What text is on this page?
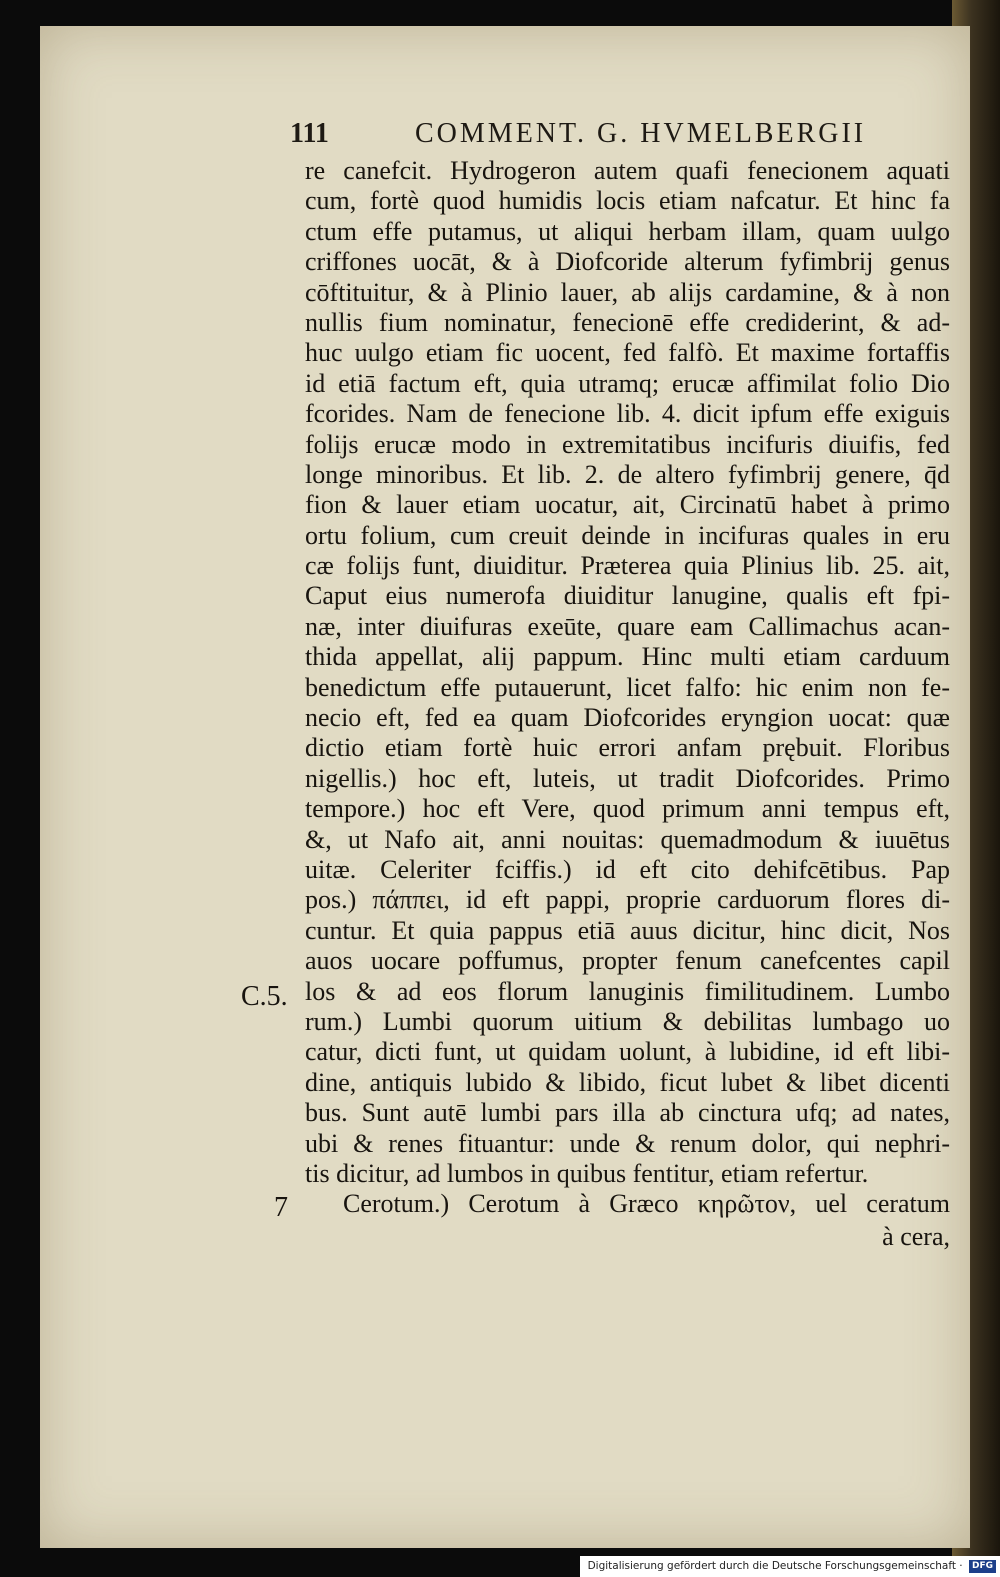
111	COMMENT. G. HVMELBERGII
re canefcit. Hydrogeron autem quafi fenecionem aquati
cum, fortè quod humidis locis etiam nafcatur. Et hinc fa
ctum effe putamus, ut aliqui herbam illam, quam uulgo
criffones uocāt, & à Diofcoride alterum fyfimbrij genus
cōftituitur, & à Plinio lauer, ab alijs cardamine, & à non
nullis fium nominatur, fenecionē effe crediderint, & ad-
huc uulgo etiam fic uocent, fed falfò. Et maxime fortaffis
id etiā factum eft, quia utramq; erucæ affimilat folio Dio
fcorides. Nam de fenecione lib. 4. dicit ipfum effe exiguis
folijs erucæ modo in extremitatibus incifuris diuifis, fed
longe minoribus. Et lib. 2. de altero fyfimbrij genere, q̄d
fion & lauer etiam uocatur, ait, Circinatū habet à primo
ortu folium, cum creuit deinde in incifuras quales in eru
cæ folijs funt, diuiditur. Præterea quia Plinius lib. 25. ait,
Caput eius numerofa diuiditur lanugine, qualis eft fpi-
næ, inter diuifuras exeūte, quare eam Callimachus acan-
thida appellat, alij pappum. Hinc multi etiam carduum
benedictum effe putauerunt, licet falfo: hic enim non fe-
necio eft, fed ea quam Diofcorides eryngion uocat: quæ
dictio etiam fortè huic errori anfam prębuit. Floribus
nigellis.) hoc eft, luteis, ut tradit Diofcorides. Primo
tempore.) hoc eft Vere, quod primum anni tempus eft,
&, ut Nafo ait, anni nouitas: quemadmodum & iuuētus
uitæ. Celeriter fciffis.) id eft cito dehifcētibus. Pap
pos.) πάππει, id eft pappi, proprie carduorum flores di-
cuntur. Et quia pappus etiā auus dicitur, hinc dicit, Nos
auos uocare poffumus, propter fenum canefcentes capil
los & ad eos florum lanuginis fimilitudinem. Lumbo
rum.) Lumbi quorum uitium & debilitas lumbago uo
catur, dicti funt, ut quidam uolunt, à lubidine, id eft libi-
dine, antiquis lubido & libido, ficut lubet & libet dicenti
bus. Sunt autē lumbi pars illa ab cinctura ufq; ad nates,
ubi & renes fituantur: unde & renum dolor, qui nephri-
tis dicitur, ad lumbos in quibus fentitur, etiam refertur.
Cerotum.) Cerotum à Græco κηρῶτον, uel ceratum
à cera,
C.5.
7
Digitalisierung gefördert durch die Deutsche Forschungsgemeinschaft · DFG
